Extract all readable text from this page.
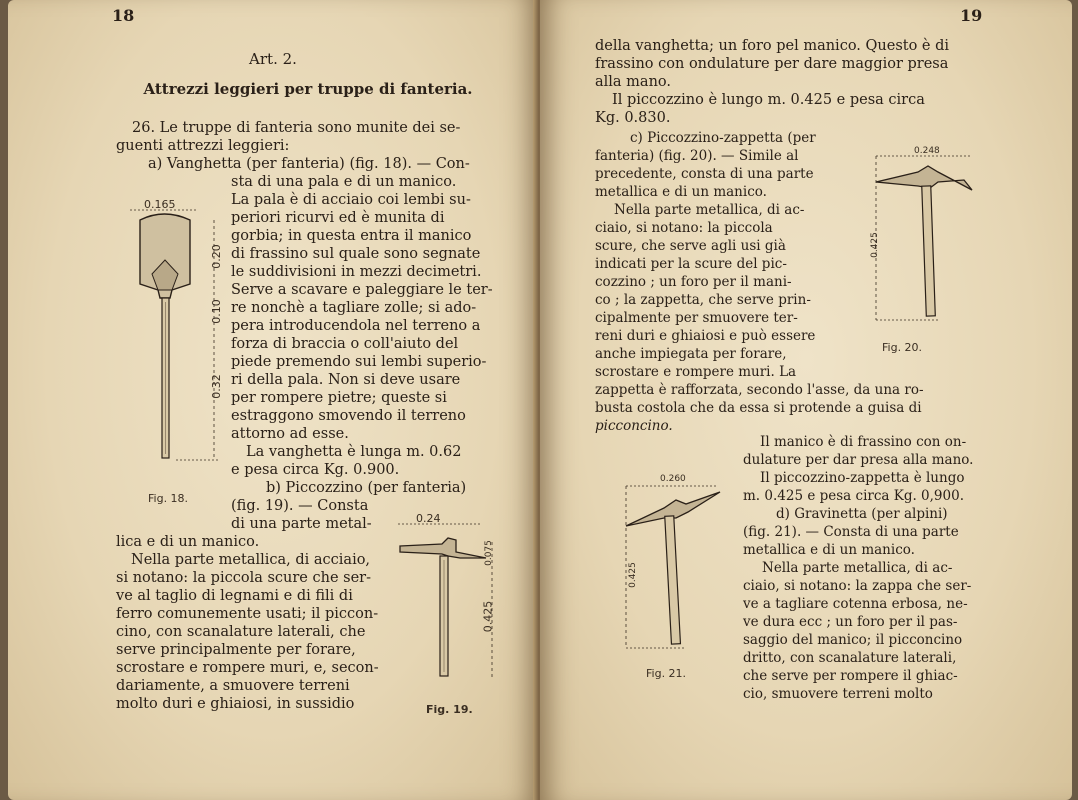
18
Art. 2.
Attrezzi leggieri per truppe di fanteria.
26. Le truppe di fanteria sono munite dei se-
guenti attrezzi leggieri:
a) Vanghetta (per fanteria) (fig. 18). — Con-
sta di una pala e di un manico.
La pala è di acciaio coi lembi su-
periori ricurvi ed è munita di
gorbia; in questa entra il manico
di frassino sul quale sono segnate
le suddivisioni in mezzi decimetri.
Serve a scavare e paleggiare le ter-
re nonchè a tagliare zolle; si ado-
pera introducendola nel terreno a
forza di braccia o coll'aiuto del
piede premendo sui lembi superio-
ri della pala. Non si deve usare
per rompere pietre; queste si
estraggono smovendo il terreno
attorno ad esse.
La vanghetta è lunga m. 0.62
e pesa circa Kg. 0.900.
b) Piccozzino (per fanteria)
(fig. 19). — Consta
di una parte metal-
lica e di un manico.
Nella parte metallica, di acciaio,
si notano: la piccola scure che ser-
ve al taglio di legnami e di fili di
ferro comunemente usati; il piccon-
cino, con scanalature laterali, che
serve principalmente per forare,
scrostare e rompere muri, e, secon-
dariamente, a smuovere terreni
molto duri e ghiaiosi, in sussidio
0.165
0.20
0.10
0.32
Fig. 18.
0.24
0.425
0.075
Fig. 19.
19
della vanghetta; un foro pel manico. Questo è di
frassino con ondulature per dare maggior presa
alla mano.
Il piccozzino è lungo m. 0.425 e pesa circa
Kg. 0.830.
c) Piccozzino-zappetta (per
fanteria) (fig. 20). — Simile al
precedente, consta di una parte
metallica e di un manico.
Nella parte metallica, di ac-
ciaio, si notano: la piccola
scure, che serve agli usi già
indicati per la scure del pic-
cozzino ; un foro per il mani-
co ; la zappetta, che serve prin-
cipalmente per smuovere ter-
reni duri e ghiaiosi e può essere
anche impiegata per forare,
scrostare e rompere muri. La
zappetta è rafforzata, secondo l'asse, da una ro-
busta costola che da essa si protende a guisa di
picconcino.
Il manico è di frassino con on-
dulature per dar presa alla mano.
Il piccozzino-zappetta è lungo
m. 0.425 e pesa circa Kg. 0,900.
d) Gravinetta (per alpini)
(fig. 21). — Consta di una parte
metallica e di un manico.
Nella parte metallica, di ac-
ciaio, si notano: la zappa che ser-
ve a tagliare cotenna erbosa, ne-
ve dura ecc ; un foro per il pas-
saggio del manico; il picconcino
dritto, con scanalature laterali,
che serve per rompere il ghiac-
cio, smuovere terreni molto
0.248
0.425
Fig. 20.
0.260
0.425
Fig. 21.
